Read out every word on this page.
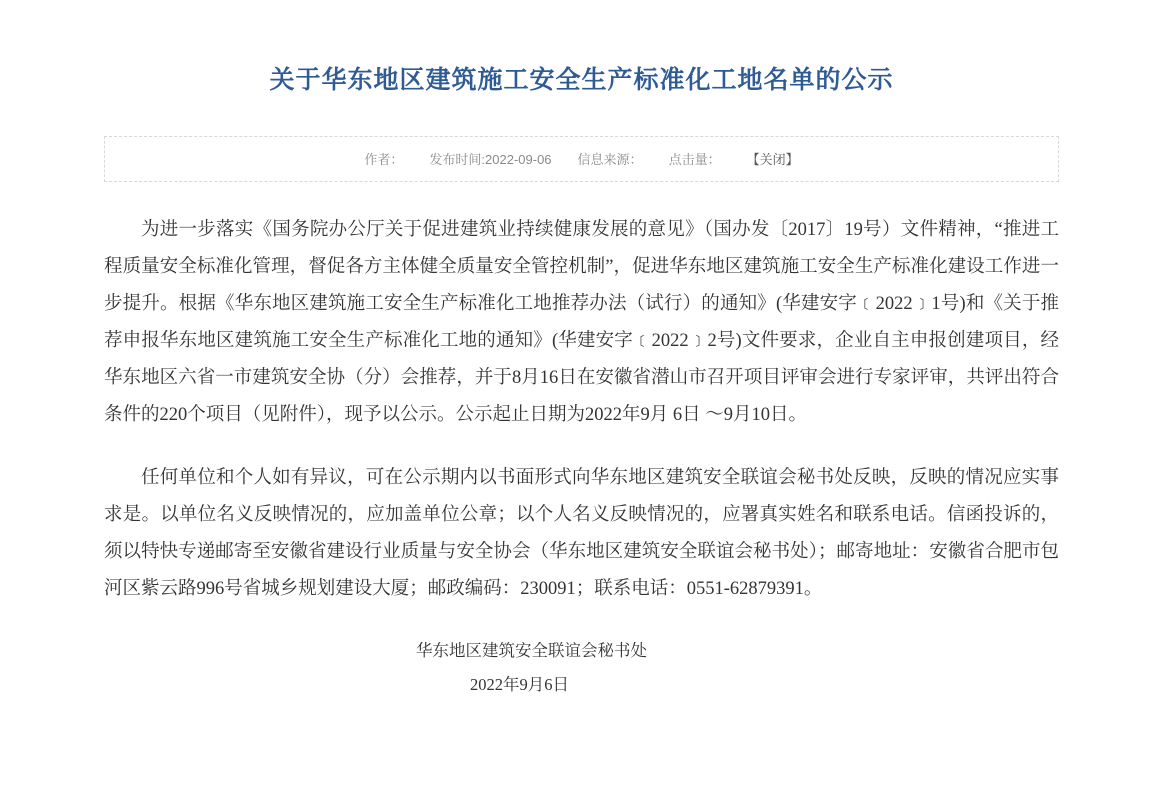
关于华东地区建筑施工安全生产标准化工地名单的公示
作者： 发布时间:2022-09-06 信息来源： 点击量： 【关闭】

为进一步落实《国务院办公厅关于促进建筑业持续健康发展的意见》（国办发〔2017〕19号）文件精神，“推进工程质量安全标准化管理，督促各方主体健全质量安全管控机制”，促进华东地区建筑施工安全生产标准化建设工作进一步提升。根据《华东地区建筑施工安全生产标准化工地推荐办法（试行）的通知》(华建安字﹝2022﹞1号)和《关于推荐申报华东地区建筑施工安全生产标准化工地的通知》(华建安字﹝2022﹞2号)文件要求，企业自主申报创建项目，经华东地区六省一市建筑安全协（分）会推荐，并于8月16日在安徽省潜山市召开项目评审会进行专家评审，共评出符合条件的220个项目（见附件），现予以公示。公示起止日期为2022年9月 6日 ～9月10日。

任何单位和个人如有异议，可在公示期内以书面形式向华东地区建筑安全联谊会秘书处反映，反映的情况应实事求是。以单位名义反映情况的，应加盖单位公章；以个人名义反映情况的，应署真实姓名和联系电话。信函投诉的，须以特快专递邮寄至安徽省建设行业质量与安全协会（华东地区建筑安全联谊会秘书处）；邮寄地址：安徽省合肥市包河区紫云路996号省城乡规划建设大厦；邮政编码：230091；联系电话：0551-62879391。

华东地区建筑安全联谊会秘书处
2022年9月6日
